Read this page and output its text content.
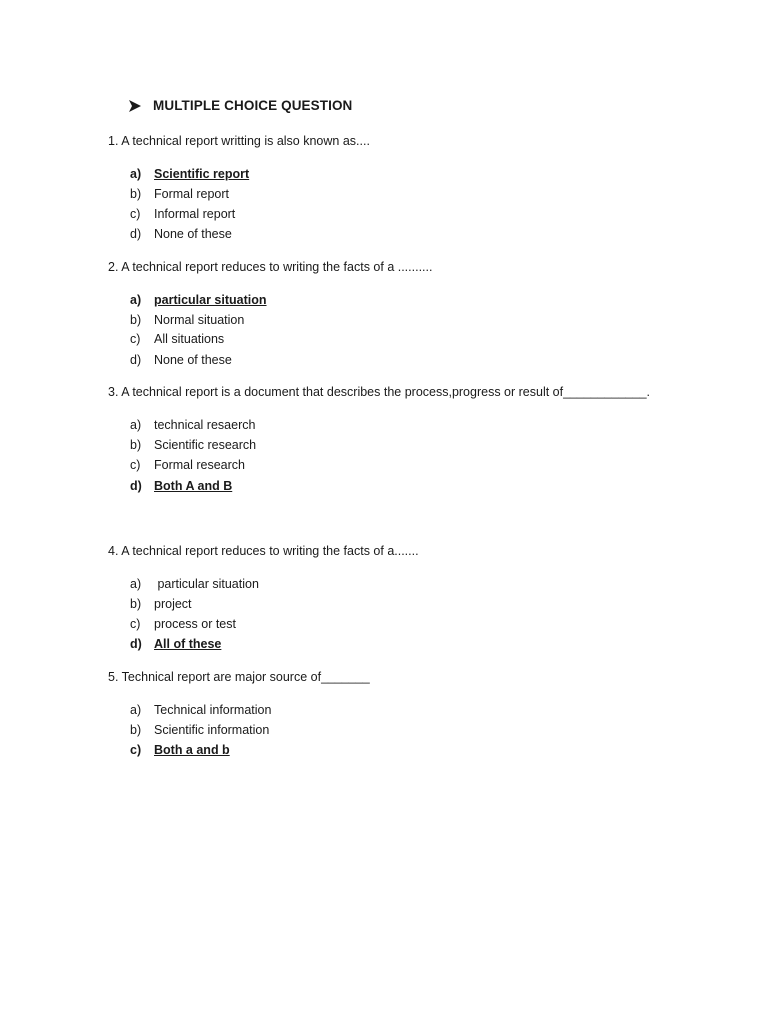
MULTIPLE CHOICE QUESTION
1. A technical report writting is also known as....
a)	Scientific report
b)	Formal report
c)	Informal report
d)	None of these
2. A technical report reduces to writing the facts of a ..........
a)	particular situation
b)	Normal situation
c)	All situations
d)	None of these
3. A technical report is a document that describes the process,progress or result of____________.
a)	technical resaerch
b)	Scientific research
c)	Formal research
d) Both A and B
4. A technical report reduces to writing the facts of a.......
a)	particular situation
b)	project
c)	process or test
d) All of these
5. Technical report are major source of_______
a)	Technical information
b)	Scientific information
c)	Both a and b
